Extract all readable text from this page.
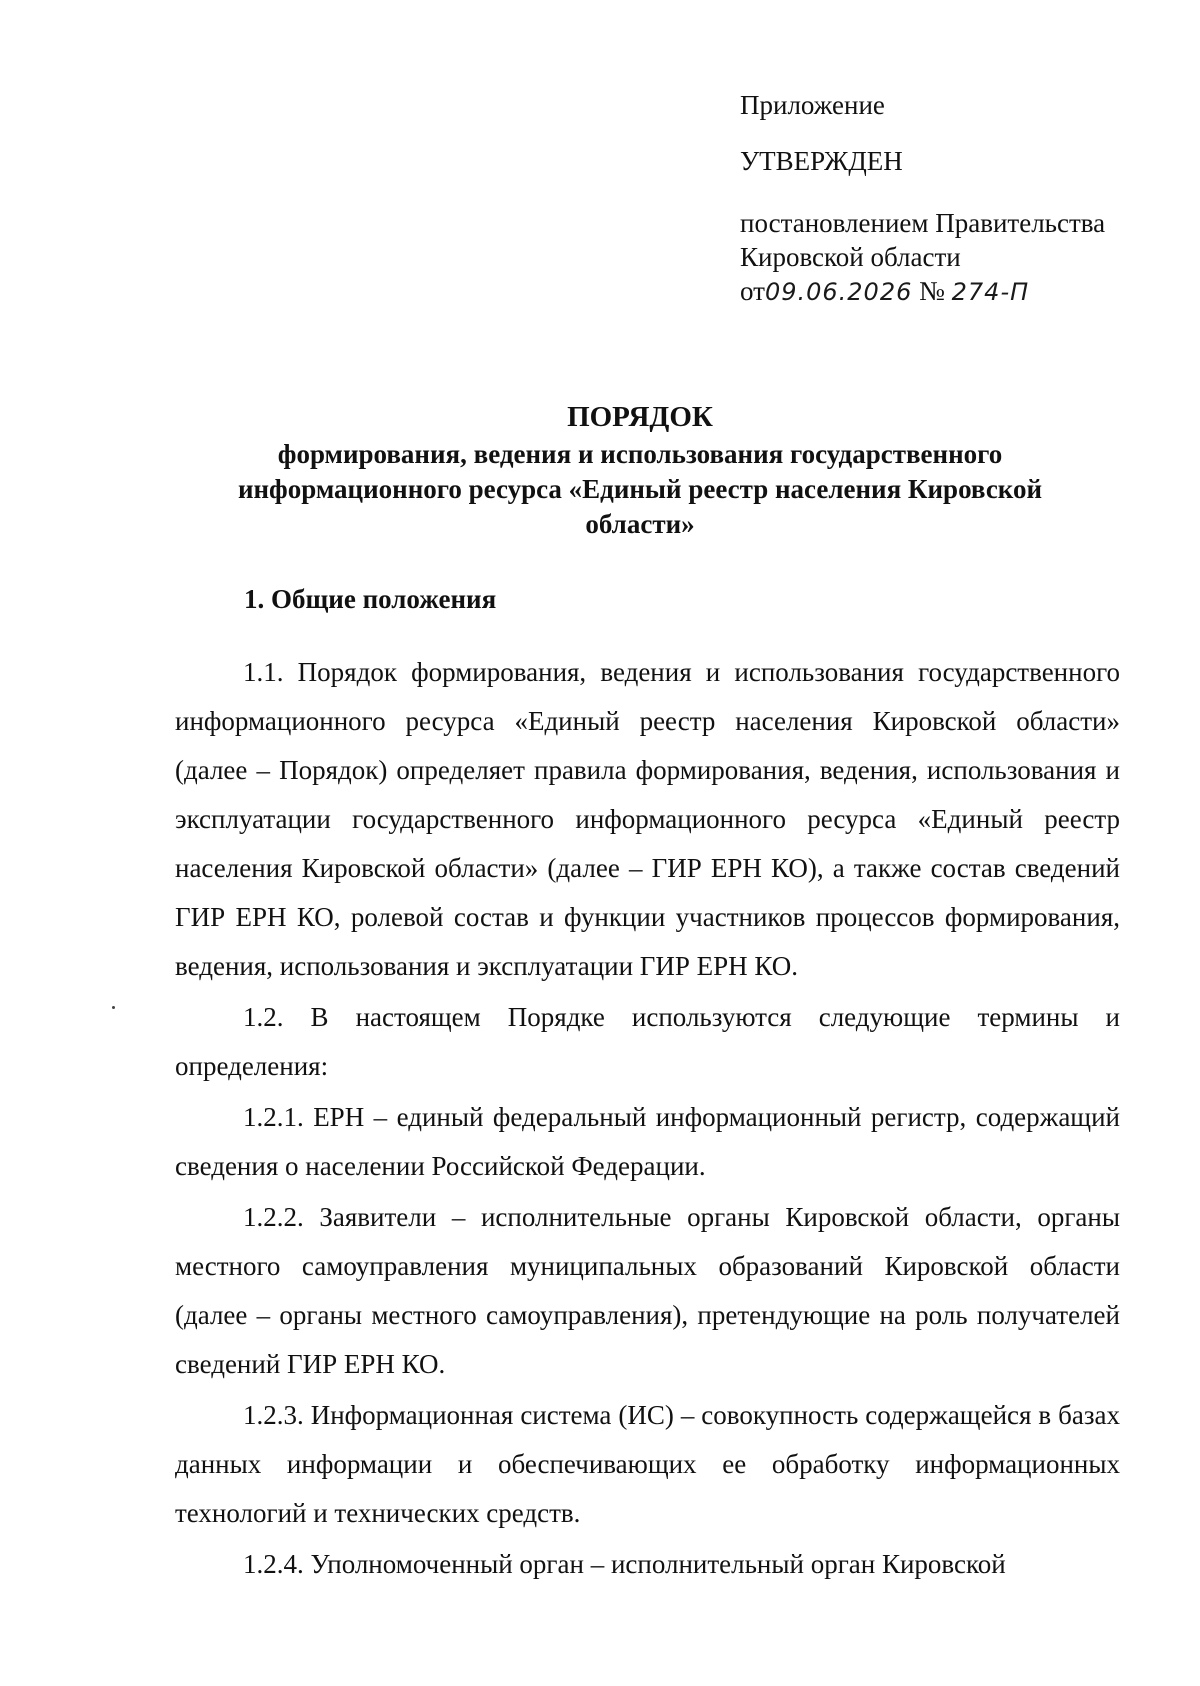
Приложение
УТВЕРЖДЕН
постановлением Правительства
Кировской области
от09.06.2026 № 274-П
ПОРЯДОК
формирования, ведения и использования государственного
информационного ресурса «Единый реестр населения Кировской
области»
1. Общие положения

1.1. Порядок формирования, ведения и использования государственного информационного ресурса «Единый реестр населения Кировской области» (далее – Порядок) определяет правила формирования, ведения, использования и эксплуатации государственного информационного ресурса «Единый реестр населения Кировской области» (далее – ГИР ЕРН КО), а также состав сведений ГИР ЕРН КО, ролевой состав и функции участников процессов формирования, ведения, использования и эксплуатации ГИР ЕРН КО.

1.2. В настоящем Порядке используются следующие термины и определения:

1.2.1. ЕРН – единый федеральный информационный регистр, содержащий сведения о населении Российской Федерации.

1.2.2. Заявители – исполнительные органы Кировской области, органы местного самоуправления муниципальных образований Кировской области (далее – органы местного самоуправления), претендующие на роль получателей сведений ГИР ЕРН КО.

1.2.3. Информационная система (ИС) – совокупность содержащейся в базах данных информации и обеспечивающих ее обработку информационных технологий и технических средств.

1.2.4. Уполномоченный орган – исполнительный орган Кировской
